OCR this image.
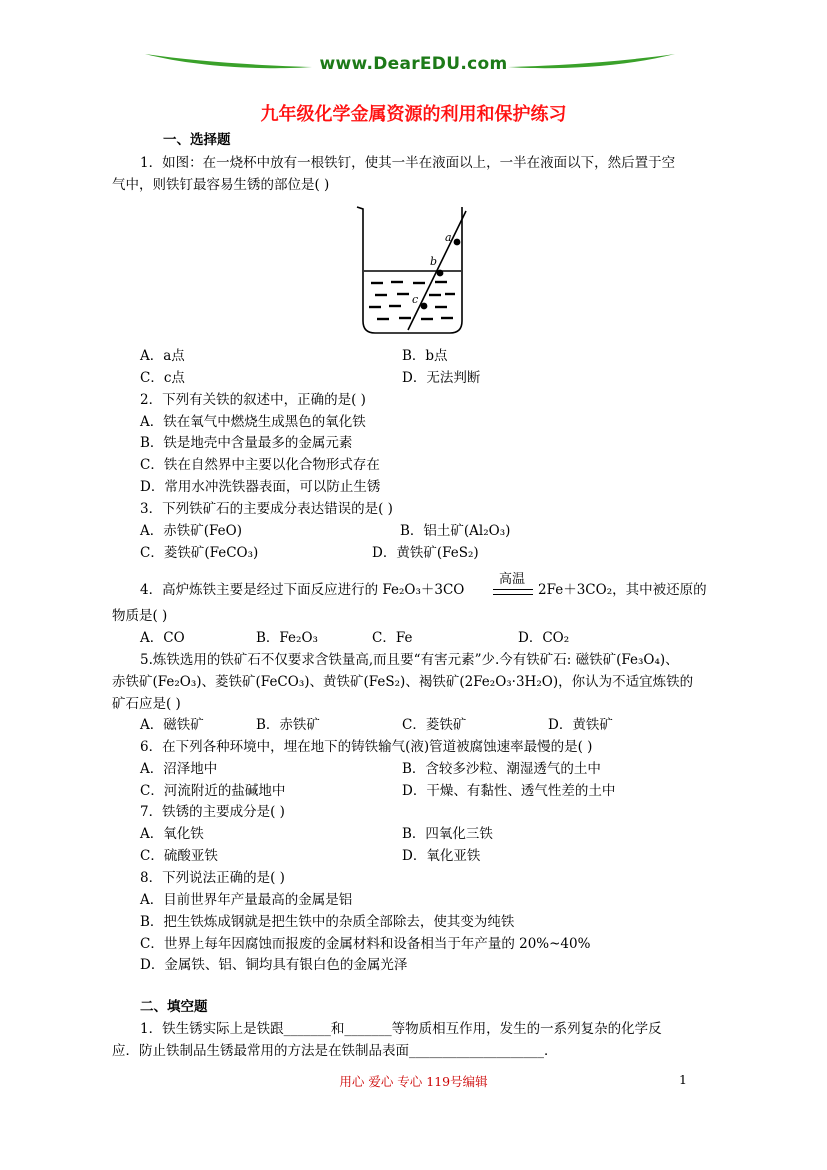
www.DearEDU.com
九年级化学金属资源的利用和保护练习
一、选择题
1．如图：在一烧杯中放有一根铁钉，使其一半在液面以上，一半在液面以下，然后置于空
气中，则铁钉最容易生锈的部位是( )
a
b
c
A．a点	B．b点
C．c点	D．无法判断
2．下列有关铁的叙述中，正确的是( )
A．铁在氧气中燃烧生成黑色的氧化铁
B．铁是地壳中含量最多的金属元素
C．铁在自然界中主要以化合物形式存在
D．常用水冲洗铁器表面，可以防止生锈
3．下列铁矿石的主要成分表达错误的是( )
A．赤铁矿(FeO)	B．铝土矿(Al₂O₃)
C．菱铁矿(FeCO₃)	D．黄铁矿(FeS₂)
4．高炉炼铁主要是经过下面反应进行的 Fe₂O₃＋3CO
高温
2Fe＋3CO₂，其中被还原的
物质是( )
A．CO	B．Fe₂O₃	C．Fe	D．CO₂
5.炼铁选用的铁矿石不仅要求含铁量高,而且要“有害元素”少.今有铁矿石: 磁铁矿(Fe₃O₄)、
赤铁矿(Fe₂O₃)、菱铁矿(FeCO₃)、黄铁矿(FeS₂)、褐铁矿(2Fe₂O₃·3H₂O)，你认为不适宜炼铁的
矿石应是( )
A．磁铁矿	B．赤铁矿	C．菱铁矿	D．黄铁矿
6．在下列各种环境中，埋在地下的铸铁输气(液)管道被腐蚀速率最慢的是( )
A．沼泽地中	B．含较多沙粒、潮湿透气的土中
C．河流附近的盐碱地中	D．干燥、有黏性、透气性差的土中
7．铁锈的主要成分是( )
A．氧化铁	B．四氧化三铁
C．硫酸亚铁	D．氧化亚铁
8．下列说法正确的是( )
A．目前世界年产量最高的金属是铝
B．把生铁炼成钢就是把生铁中的杂质全部除去，使其变为纯铁
C．世界上每年因腐蚀而报废的金属材料和设备相当于年产量的 20%~40%
D．金属铁、铝、铜均具有银白色的金属光泽
二、填空题
1．铁生锈实际上是铁跟_______和_______等物质相互作用，发生的一系列复杂的化学反
应．防止铁制品生锈最常用的方法是在铁制品表面____________________．
用心 爱心 专心 119号编辑	1
